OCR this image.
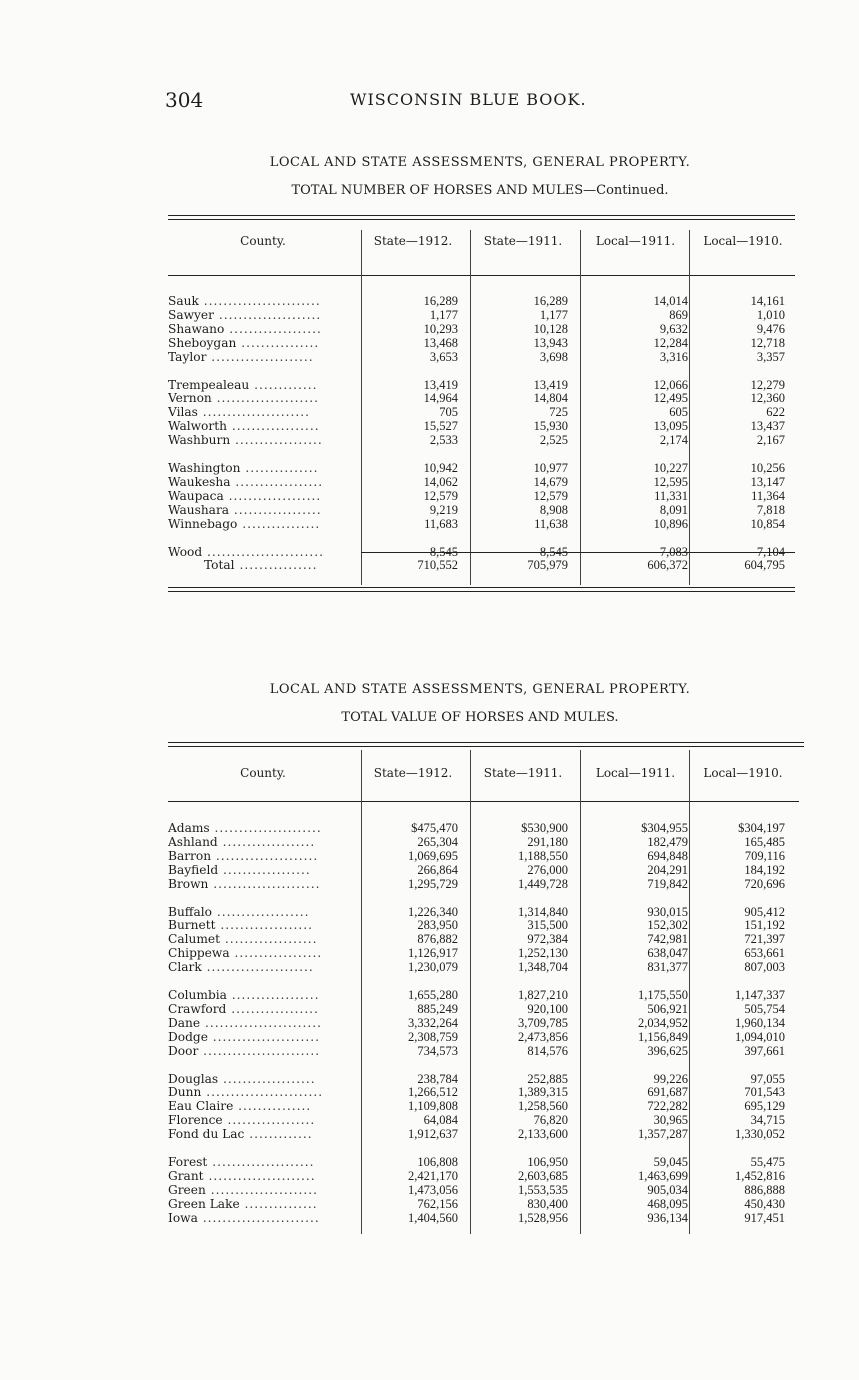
304	WISCONSIN BLUE BOOK.
LOCAL AND STATE ASSESSMENTS, GENERAL PROPERTY.
TOTAL NUMBER OF HORSES AND MULES—Continued.
County.	State—1912.	State—1911.	Local—1911.	Local—1910.
Sauk ........................	16,289	16,289	14,014	14,161
Sawyer .....................	1,177	1,177	869	1,010
Shawano ...................	10,293	10,128	9,632	9,476
Sheboygan ................	13,468	13,943	12,284	12,718
Taylor .....................	3,653	3,698	3,316	3,357
Trempealeau .............	13,419	13,419	12,066	12,279
Vernon .....................	14,964	14,804	12,495	12,360
Vilas ......................	705	725	605	622
Walworth ..................	15,527	15,930	13,095	13,437
Washburn ..................	2,533	2,525	2,174	2,167
Washington ...............	10,942	10,977	10,227	10,256
Waukesha ..................	14,062	14,679	12,595	13,147
Waupaca ...................	12,579	12,579	11,331	11,364
Waushara ..................	9,219	8,908	8,091	7,818
Winnebago ................	11,683	11,638	10,896	10,854
Wood ........................	8,545	8,545	7,083	7,104
Total ................	710,552	705,979	606,372	604,795
LOCAL AND STATE ASSESSMENTS, GENERAL PROPERTY.
TOTAL VALUE OF HORSES AND MULES.
County.	State—1912.	State—1911.	Local—1911.	Local—1910.
Adams ......................	$475,470	$530,900	$304,955	$304,197
Ashland ...................	265,304	291,180	182,479	165,485
Barron .....................	1,069,695	1,188,550	694,848	709,116
Bayfield ..................	266,864	276,000	204,291	184,192
Brown ......................	1,295,729	1,449,728	719,842	720,696
Buffalo ...................	1,226,340	1,314,840	930,015	905,412
Burnett ...................	283,950	315,500	152,302	151,192
Calumet ...................	876,882	972,384	742,981	721,397
Chippewa ..................	1,126,917	1,252,130	638,047	653,661
Clark ......................	1,230,079	1,348,704	831,377	807,003
Columbia ..................	1,655,280	1,827,210	1,175,550	1,147,337
Crawford ..................	885,249	920,100	506,921	505,754
Dane ........................	3,332,264	3,709,785	2,034,952	1,960,134
Dodge ......................	2,308,759	2,473,856	1,156,849	1,094,010
Door ........................	734,573	814,576	396,625	397,661
Douglas ...................	238,784	252,885	99,226	97,055
Dunn ........................	1,266,512	1,389,315	691,687	701,543
Eau Claire ...............	1,109,808	1,258,560	722,282	695,129
Florence ..................	64,084	76,820	30,965	34,715
Fond du Lac .............	1,912,637	2,133,600	1,357,287	1,330,052
Forest .....................	106,808	106,950	59,045	55,475
Grant ......................	2,421,170	2,603,685	1,463,699	1,452,816
Green ......................	1,473,056	1,553,535	905,034	886,888
Green Lake ...............	762,156	830,400	468,095	450,430
Iowa ........................	1,404,560	1,528,956	936,134	917,451
